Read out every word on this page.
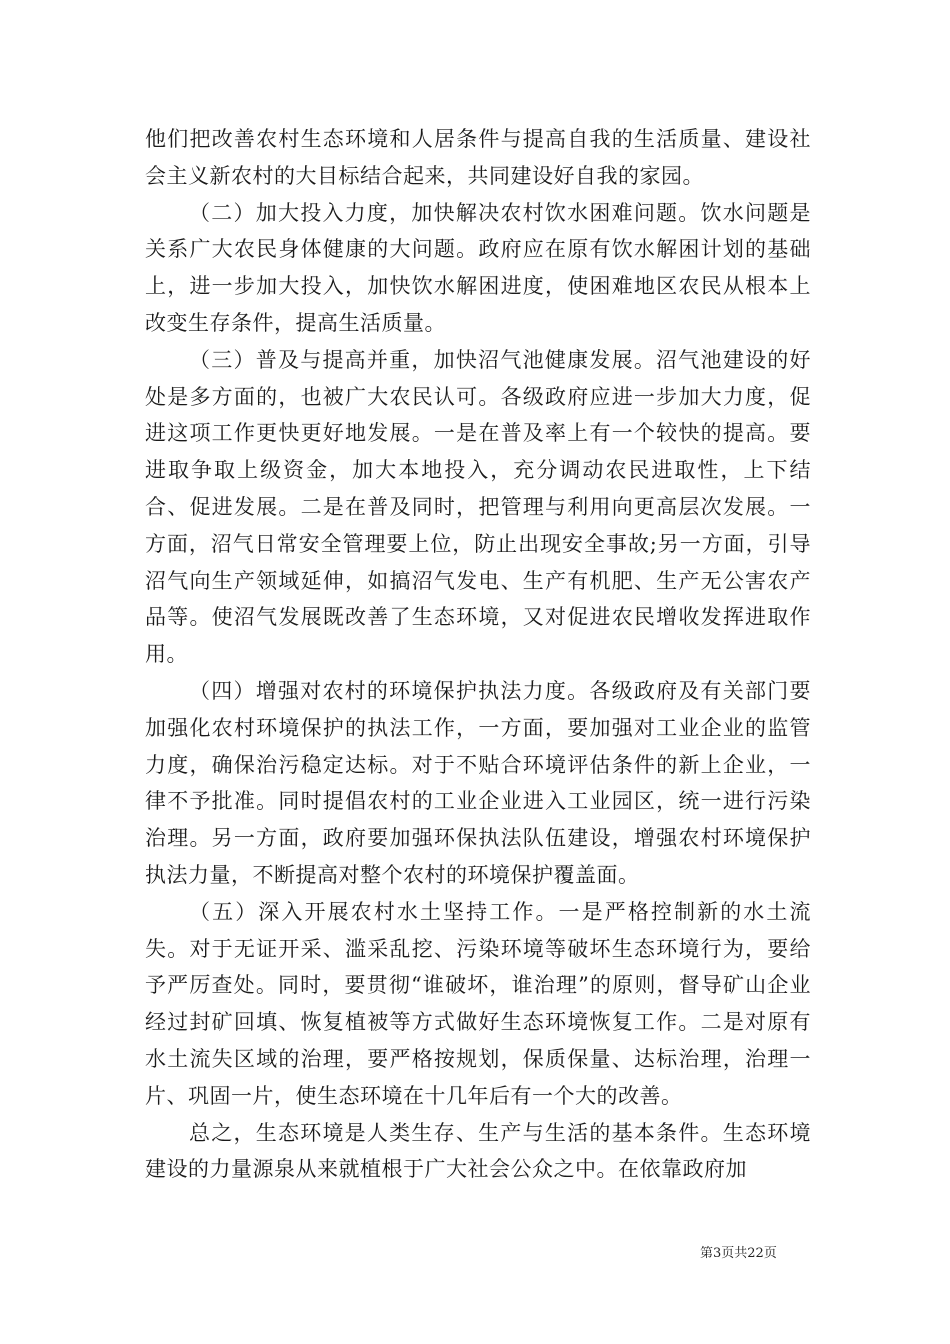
他们把改善农村生态环境和人居条件与提高自我的生活质量、建设社会主义新农村的大目标结合起来，共同建设好自我的家园。

（二）加大投入力度，加快解决农村饮水困难问题。饮水问题是关系广大农民身体健康的大问题。政府应在原有饮水解困计划的基础上，进一步加大投入，加快饮水解困进度，使困难地区农民从根本上改变生存条件，提高生活质量。

（三）普及与提高并重，加快沼气池健康发展。沼气池建设的好处是多方面的，也被广大农民认可。各级政府应进一步加大力度，促进这项工作更快更好地发展。一是在普及率上有一个较快的提高。要进取争取上级资金，加大本地投入，充分调动农民进取性，上下结合、促进发展。二是在普及同时，把管理与利用向更高层次发展。一方面，沼气日常安全管理要上位，防止出现安全事故;另一方面，引导沼气向生产领域延伸，如搞沼气发电、生产有机肥、生产无公害农产品等。使沼气发展既改善了生态环境，又对促进农民增收发挥进取作用。

（四）增强对农村的环境保护执法力度。各级政府及有关部门要加强化农村环境保护的执法工作，一方面，要加强对工业企业的监管力度，确保治污稳定达标。对于不贴合环境评估条件的新上企业，一律不予批准。同时提倡农村的工业企业进入工业园区，统一进行污染治理。另一方面，政府要加强环保执法队伍建设，增强农村环境保护执法力量，不断提高对整个农村的环境保护覆盖面。

（五）深入开展农村水土坚持工作。一是严格控制新的水土流失。对于无证开采、滥采乱挖、污染环境等破坏生态环境行为，要给予严厉查处。同时，要贯彻“谁破坏，谁治理”的原则，督导矿山企业经过封矿回填、恢复植被等方式做好生态环境恢复工作。二是对原有水土流失区域的治理，要严格按规划，保质保量、达标治理，治理一片、巩固一片，使生态环境在十几年后有一个大的改善。

总之，生态环境是人类生存、生产与生活的基本条件。生态环境建设的力量源泉从来就植根于广大社会公众之中。在依靠政府加

第3页共22页
